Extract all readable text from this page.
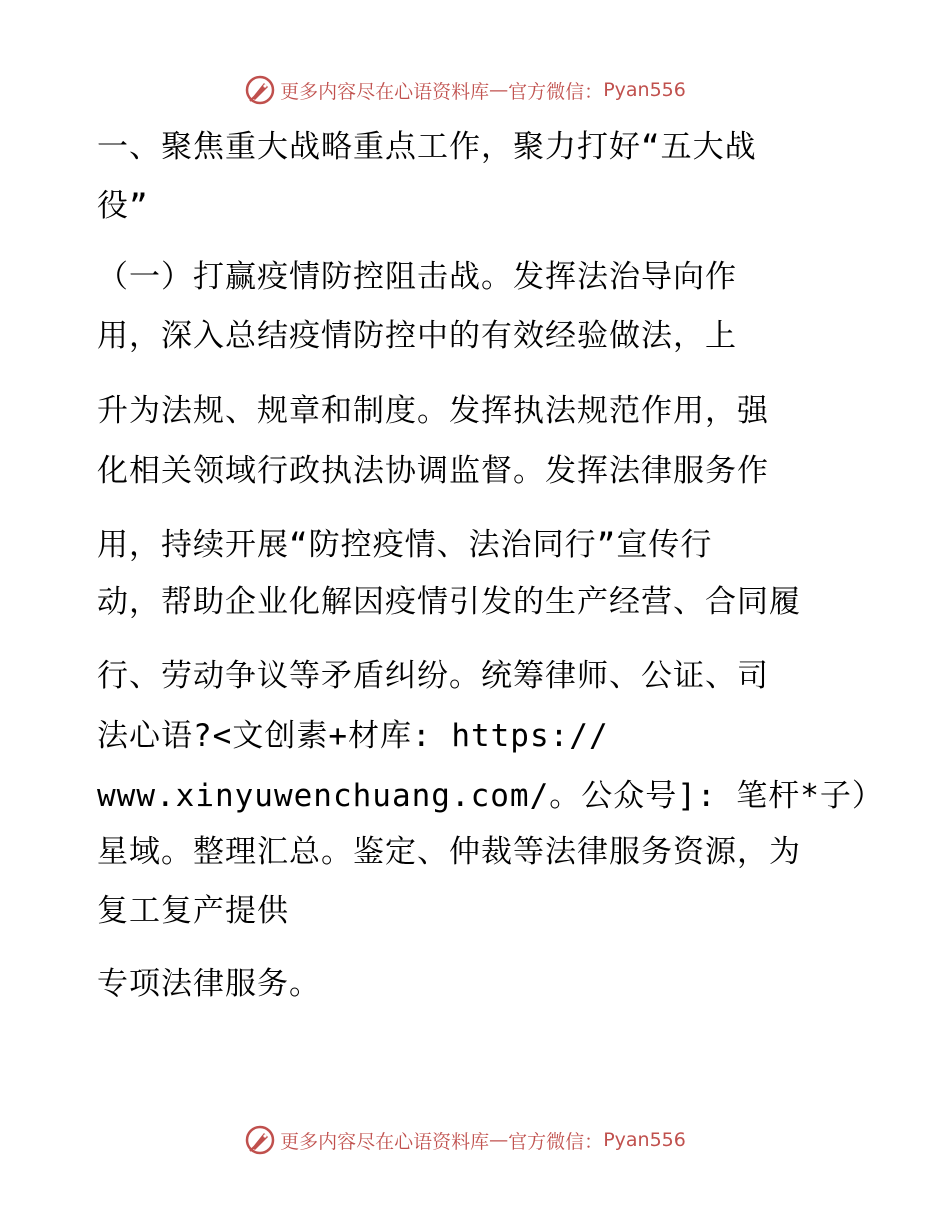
更多内容尽在心语资料库 — 官方微信： Pyan556
一、聚焦重大战略重点工作，聚力打好“五大战
役”
（一）打赢疫情防控阻击战。发挥法治导向作
用，深入总结疫情防控中的有效经验做法，上
升为法规、规章和制度。发挥执法规范作用，强
化相关领域行政执法协调监督。发挥法律服务作
用，持续开展“防控疫情、法治同行”宣传行
动，帮助企业化解因疫情引发的生产经营、合同履
行、劳动争议等矛盾纠纷。统筹律师、公证、司
法心语?<文创素+材库: https://
www.xinyuwenchuang.com/。公众号]: 笔杆*子）
星域。整理汇总。鉴定、仲裁等法律服务资源，为
复工复产提供
专项法律服务。
更多内容尽在心语资料库 — 官方微信： Pyan556
